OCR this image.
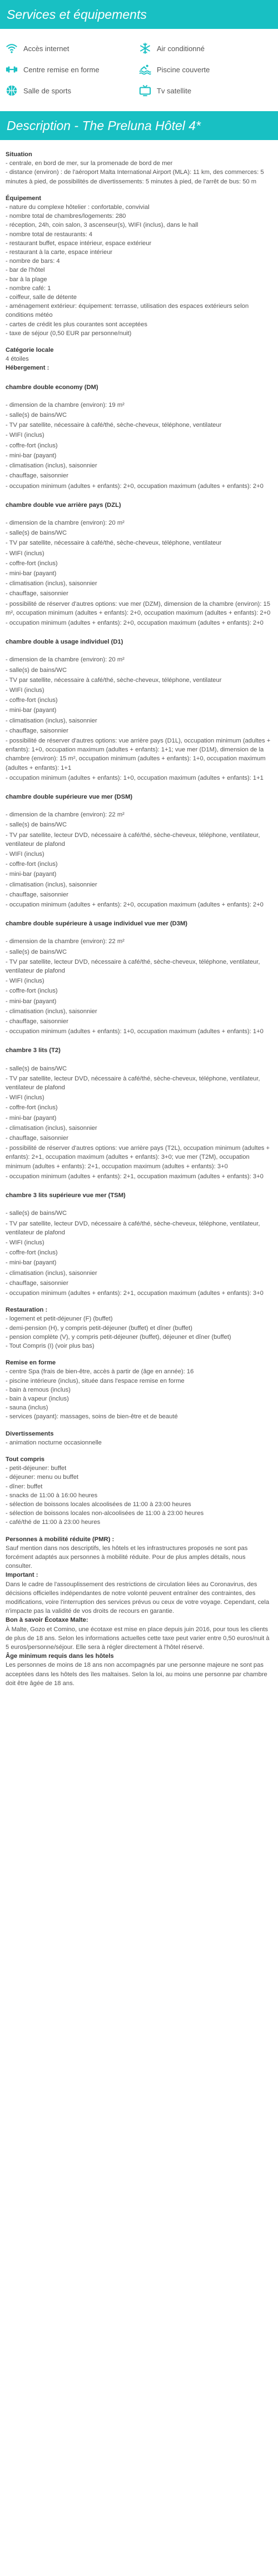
Services et équipements
Accès internet	Air conditionné
Centre remise en forme	Piscine couverte
Salle de sports	Tv satellite
Description - The Preluna Hôtel 4*
Situation
- centrale, en bord de mer, sur la promenade de bord de mer
- distance (environ) : de l'aéroport Malta International Airport (MLA): 11 km, des commerces: 5 minutes à pied, de possibilités de divertissements: 5 minutes à pied, de l'arrêt de bus: 50 m
Équipement
- nature du complexe hôtelier : confortable, convivial
- nombre total de chambres/logements: 280
- réception, 24h, coin salon, 3 ascenseur(s), WIFI (inclus), dans le hall
- nombre total de restaurants: 4
- restaurant buffet, espace intérieur, espace extérieur
- restaurant à la carte, espace intérieur
- nombre de bars: 4
- bar de l'hôtel
- bar à la plage
- nombre café: 1
- coiffeur, salle de détente
- aménagement extérieur: équipement: terrasse, utilisation des espaces extérieurs selon conditions météo
- cartes de crédit les plus courantes sont acceptées
- taxe de séjour (0,50 EUR par personne/nuit)
Catégorie locale
4 étoiles
Hébergement :
chambre double economy (DM)
- dimension de la chambre (environ): 19 m²
- salle(s) de bains/WC
- TV par satellite, nécessaire à café/thé, sèche-cheveux, téléphone, ventilateur
- WIFI (inclus)
- coffre-fort (inclus)
- mini-bar (payant)
- climatisation (inclus), saisonnier
- chauffage, saisonnier
- occupation minimum (adultes + enfants): 2+0, occupation maximum (adultes + enfants): 2+0
chambre double vue arrière pays (DZL)
- dimension de la chambre (environ): 20 m²
- salle(s) de bains/WC
- TV par satellite, nécessaire à café/thé, sèche-cheveux, téléphone, ventilateur
- WIFI (inclus)
- coffre-fort (inclus)
- mini-bar (payant)
- climatisation (inclus), saisonnier
- chauffage, saisonnier
- possibilité de réserver d'autres options: vue mer (DZM), dimension de la chambre (environ): 15 m², occupation minimum (adultes + enfants): 2+0, occupation maximum (adultes + enfants): 2+0
- occupation minimum (adultes + enfants): 2+0, occupation maximum (adultes + enfants): 2+0
chambre double à usage individuel (D1)
- dimension de la chambre (environ): 20 m²
- salle(s) de bains/WC
- TV par satellite, nécessaire à café/thé, sèche-cheveux, téléphone, ventilateur
- WIFI (inclus)
- coffre-fort (inclus)
- mini-bar (payant)
- climatisation (inclus), saisonnier
- chauffage, saisonnier
- possibilité de réserver d'autres options: vue arrière pays (D1L), occupation minimum (adultes + enfants): 1+0, occupation maximum (adultes + enfants): 1+1; vue mer (D1M), dimension de la chambre (environ): 15 m², occupation minimum (adultes + enfants): 1+0, occupation maximum (adultes + enfants): 1+1
- occupation minimum (adultes + enfants): 1+0, occupation maximum (adultes + enfants): 1+1
chambre double supérieure vue mer (DSM)
- dimension de la chambre (environ): 22 m²
- salle(s) de bains/WC
- TV par satellite, lecteur DVD, nécessaire à café/thé, sèche-cheveux, téléphone, ventilateur, ventilateur de plafond
- WIFI (inclus)
- coffre-fort (inclus)
- mini-bar (payant)
- climatisation (inclus), saisonnier
- chauffage, saisonnier
- occupation minimum (adultes + enfants): 2+0, occupation maximum (adultes + enfants): 2+0
chambre double supérieure à usage individuel vue mer (D3M)
- dimension de la chambre (environ): 22 m²
- salle(s) de bains/WC
- TV par satellite, lecteur DVD, nécessaire à café/thé, sèche-cheveux, téléphone, ventilateur, ventilateur de plafond
- WIFI (inclus)
- coffre-fort (inclus)
- mini-bar (payant)
- climatisation (inclus), saisonnier
- chauffage, saisonnier
- occupation minimum (adultes + enfants): 1+0, occupation maximum (adultes + enfants): 1+0
chambre 3 lits (T2)
- salle(s) de bains/WC
- TV par satellite, lecteur DVD, nécessaire à café/thé, sèche-cheveux, téléphone, ventilateur, ventilateur de plafond
- WIFI (inclus)
- coffre-fort (inclus)
- mini-bar (payant)
- climatisation (inclus), saisonnier
- chauffage, saisonnier
- possibilité de réserver d'autres options: vue arrière pays (T2L), occupation minimum (adultes + enfants): 2+1, occupation maximum (adultes + enfants): 3+0; vue mer (T2M), occupation minimum (adultes + enfants): 2+1, occupation maximum (adultes + enfants): 3+0
- occupation minimum (adultes + enfants): 2+1, occupation maximum (adultes + enfants): 3+0
chambre 3 lits supérieure vue mer (TSM)
- salle(s) de bains/WC
- TV par satellite, lecteur DVD, nécessaire à café/thé, sèche-cheveux, téléphone, ventilateur, ventilateur de plafond
- WIFI (inclus)
- coffre-fort (inclus)
- mini-bar (payant)
- climatisation (inclus), saisonnier
- chauffage, saisonnier
- occupation minimum (adultes + enfants): 2+1, occupation maximum (adultes + enfants): 3+0
Restauration :
- logement et petit-déjeuner (F) (buffet)
- demi-pension (H), y compris petit-déjeuner (buffet) et dîner (buffet)
- pension complète (V), y compris petit-déjeuner (buffet), déjeuner et dîner (buffet)
- Tout Compris (I) (voir plus bas)
Remise en forme
- centre Spa (frais de bien-être, accès à partir de (âge en année): 16
- piscine intérieure (inclus), située dans l'espace remise en forme
- bain à remous (inclus)
- bain à vapeur (inclus)
- sauna (inclus)
- services (payant): massages, soins de bien-être et de beauté
Divertissements
- animation nocturne occasionnelle
Tout compris
- petit-déjeuner: buffet
- déjeuner: menu ou buffet
- dîner: buffet
- snacks de 11:00 à 16:00 heures
- sélection de boissons locales alcoolisées de 11:00 à 23:00 heures
- sélection de boissons locales non-alcoolisées de 11:00 à 23:00 heures
- café/thé de 11:00 à 23:00 heures
Personnes à mobilité réduite (PMR) :
Sauf mention dans nos descriptifs, les hôtels et les infrastructures proposés ne sont pas forcément adaptés aux personnes à mobilité réduite. Pour de plus amples détails, nous consulter.
Important :
Dans le cadre de l'assouplissement des restrictions de circulation liées au Coronavirus, des décisions officielles indépendantes de notre volonté peuvent entraîner des contraintes, des modifications, voire l'interruption des services prévus ou ceux de votre voyage. Cependant, cela n'impacte pas la validité de vos droits de recours en garantie.
Bon à savoir Écotaxe Malte:
À Malte, Gozo et Comino, une écotaxe est mise en place depuis juin 2016, pour tous les clients de plus de 18 ans. Selon les informations actuelles cette taxe peut varier entre 0,50 euros/nuit à 5 euros/personne/séjour. Elle sera à régler directement à l'hôtel réservé.
Âge minimum requis dans les hôtels
Les personnes de moins de 18 ans non accompagnés par une personne majeure ne sont pas acceptées dans les hôtels des îles maltaises. Selon la loi, au moins une personne par chambre doit être âgée de 18 ans.
